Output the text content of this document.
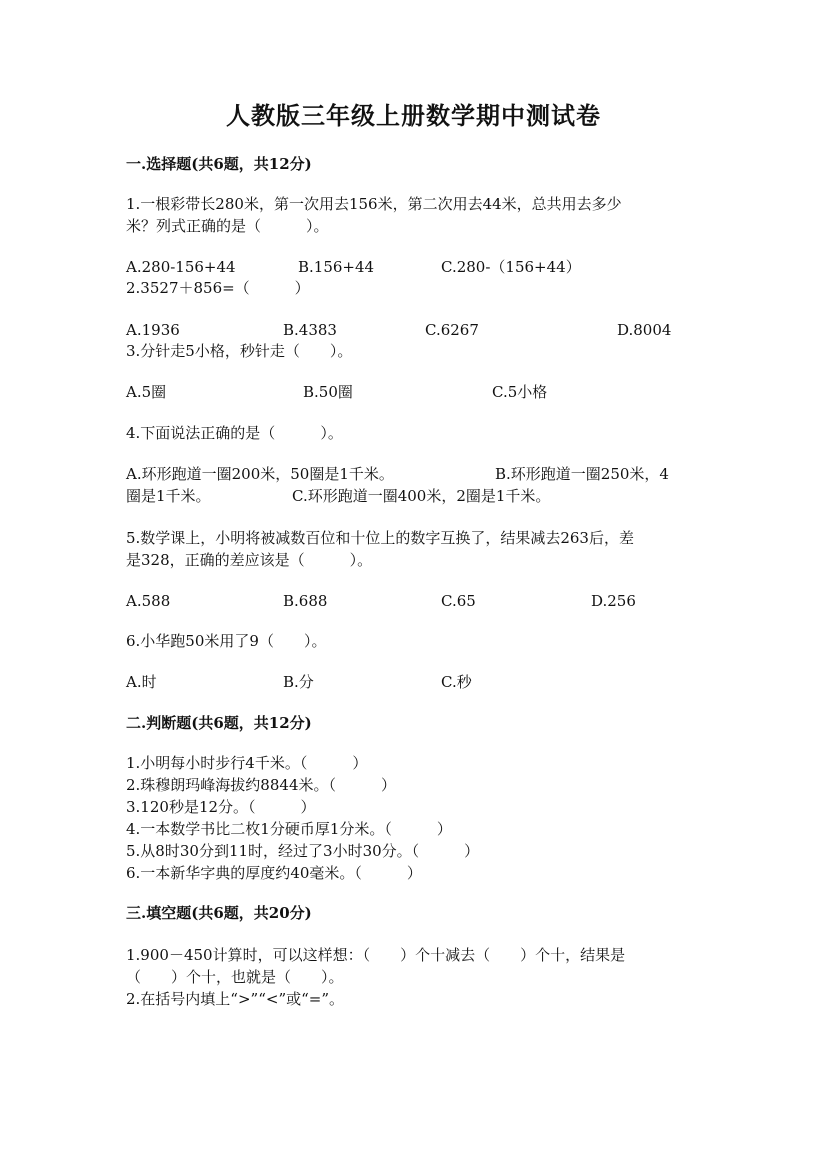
人教版三年级上册数学期中测试卷
一.选择题(共6题，共12分)
1.一根彩带长280米，第一次用去156米，第二次用去44米，总共用去多少
米？列式正确的是（　　　）。
A.280-156+44	B.156+44	C.280-（156+44）
2.3527＋856=（　　　）
A.1936	B.4383	C.6267	D.8004
3.分针走5小格，秒针走（　　）。
A.5圈	B.50圈	C.5小格
4.下面说法正确的是（　　　）。
A.环形跑道一圈200米，50圈是1千米。	B.环形跑道一圈250米，4
圈是1千米。	C.环形跑道一圈400米，2圈是1千米。
5.数学课上，小明将被减数百位和十位上的数字互换了，结果减去263后，差
是328，正确的差应该是（　　　）。
A.588	B.688	C.65	D.256
6.小华跑50米用了9（　　）。
A.时	B.分	C.秒
二.判断题(共6题，共12分)
1.小明每小时步行4千米。（　　　）
2.珠穆朗玛峰海拔约8844米。（　　　）
3.120秒是12分。（　　　）
4.一本数学书比二枚1分硬币厚1分米。（　　　）
5.从8时30分到11时，经过了3小时30分。（　　　）
6.一本新华字典的厚度约40毫米。（　　　）
三.填空题(共6题，共20分)
1.900－450计算时，可以这样想：（　　）个十减去（　　）个十，结果是
（　　）个十，也就是（　　）。
2.在括号内填上“>”“<”或“=”。
